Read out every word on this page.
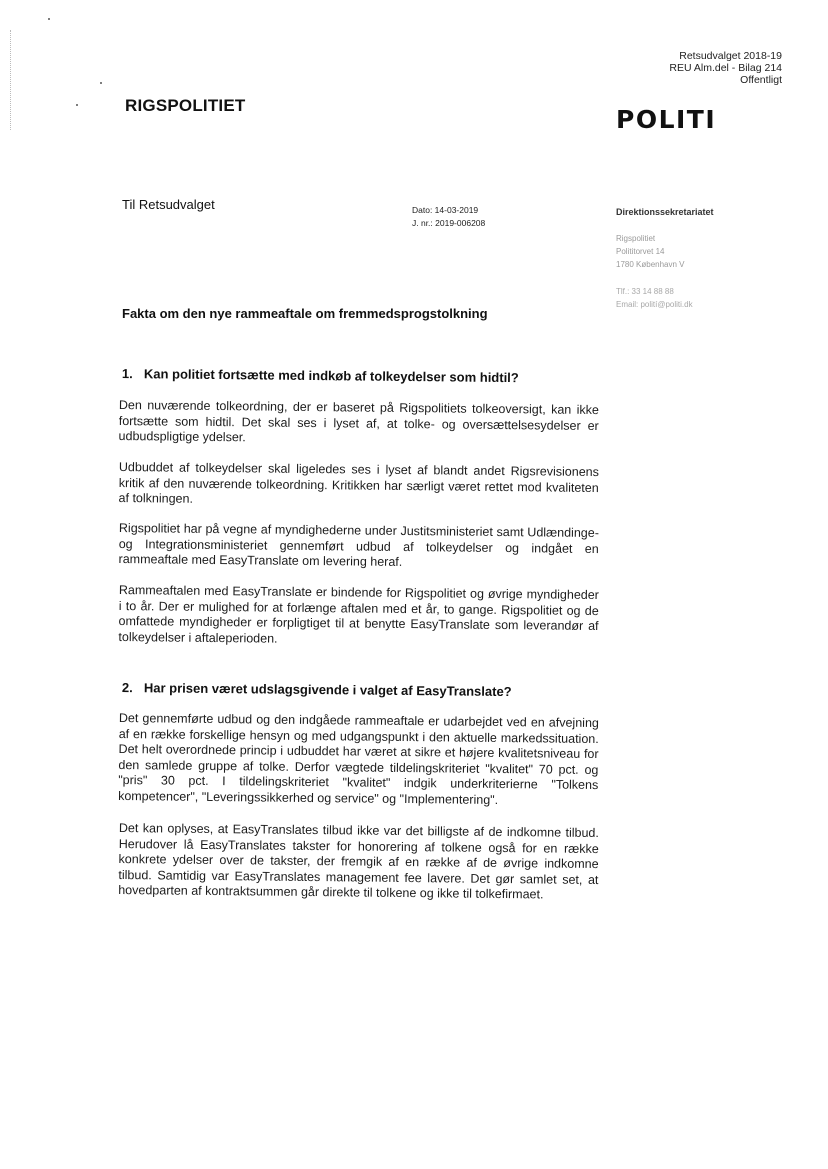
Retsudvalget 2018-19
REU Alm.del - Bilag 214
Offentligt
RIGSPOLITIET	POLITI
Til Retsudvalget	Dato: 14-03-2019
J. nr.: 2019-006208
Direktionssekretariatet
Rigspolitiet
Polititorvet 14
1780 København V
Tlf.: 33 14 88 88
Email: polití@politi.dk
Fakta om den nye rammeaftale om fremmedsprogstolkning
1. Kan politiet fortsætte med indkøb af tolkeydelser som hidtil?
Den nuværende tolkeordning, der er baseret på Rigspolitiets tolkeoversigt, kan ikke fortsætte som hidtil. Det skal ses i lyset af, at tolke- og oversættelsesydelser er udbudspligtige ydelser.
Udbuddet af tolkeydelser skal ligeledes ses i lyset af blandt andet Rigsrevisionens kritik af den nuværende tolkeordning. Kritikken har særligt været rettet mod kvaliteten af tolkningen.
Rigspolitiet har på vegne af myndighederne under Justitsministeriet samt Udlændinge- og Integrationsministeriet gennemført udbud af tolkeydelser og indgået en rammeaftale med EasyTranslate om levering heraf.
Rammeaftalen med EasyTranslate er bindende for Rigspolitiet og øvrige myndigheder i to år. Der er mulighed for at forlænge aftalen med et år, to gange. Rigspolitiet og de omfattede myndigheder er forpligtiget til at benytte EasyTranslate som leverandør af tolkeydelser i aftaleperioden.
2. Har prisen været udslagsgivende i valget af EasyTranslate?
Det gennemførte udbud og den indgåede rammeaftale er udarbejdet ved en afvejning af en række forskellige hensyn og med udgangspunkt i den aktuelle markedssituation. Det helt overordnede princip i udbuddet har været at sikre et højere kvalitetsniveau for den samlede gruppe af tolke. Derfor vægtede tildelingskriteriet "kvalitet" 70 pct. og "pris" 30 pct. I tildelingskriteriet "kvalitet" indgik underkriterierne "Tolkens kompetencer", "Leveringssikkerhed og service" og "Implementering".
Det kan oplyses, at EasyTranslates tilbud ikke var det billigste af de indkomne tilbud. Herudover lå EasyTranslates takster for honorering af tolkene også for en række konkrete ydelser over de takster, der fremgik af en række af de øvrige indkomne tilbud. Samtidig var EasyTranslates management fee lavere. Det gør samlet set, at hovedparten af kontraktsummen går direkte til tolkene og ikke til tolkefirmaet.
